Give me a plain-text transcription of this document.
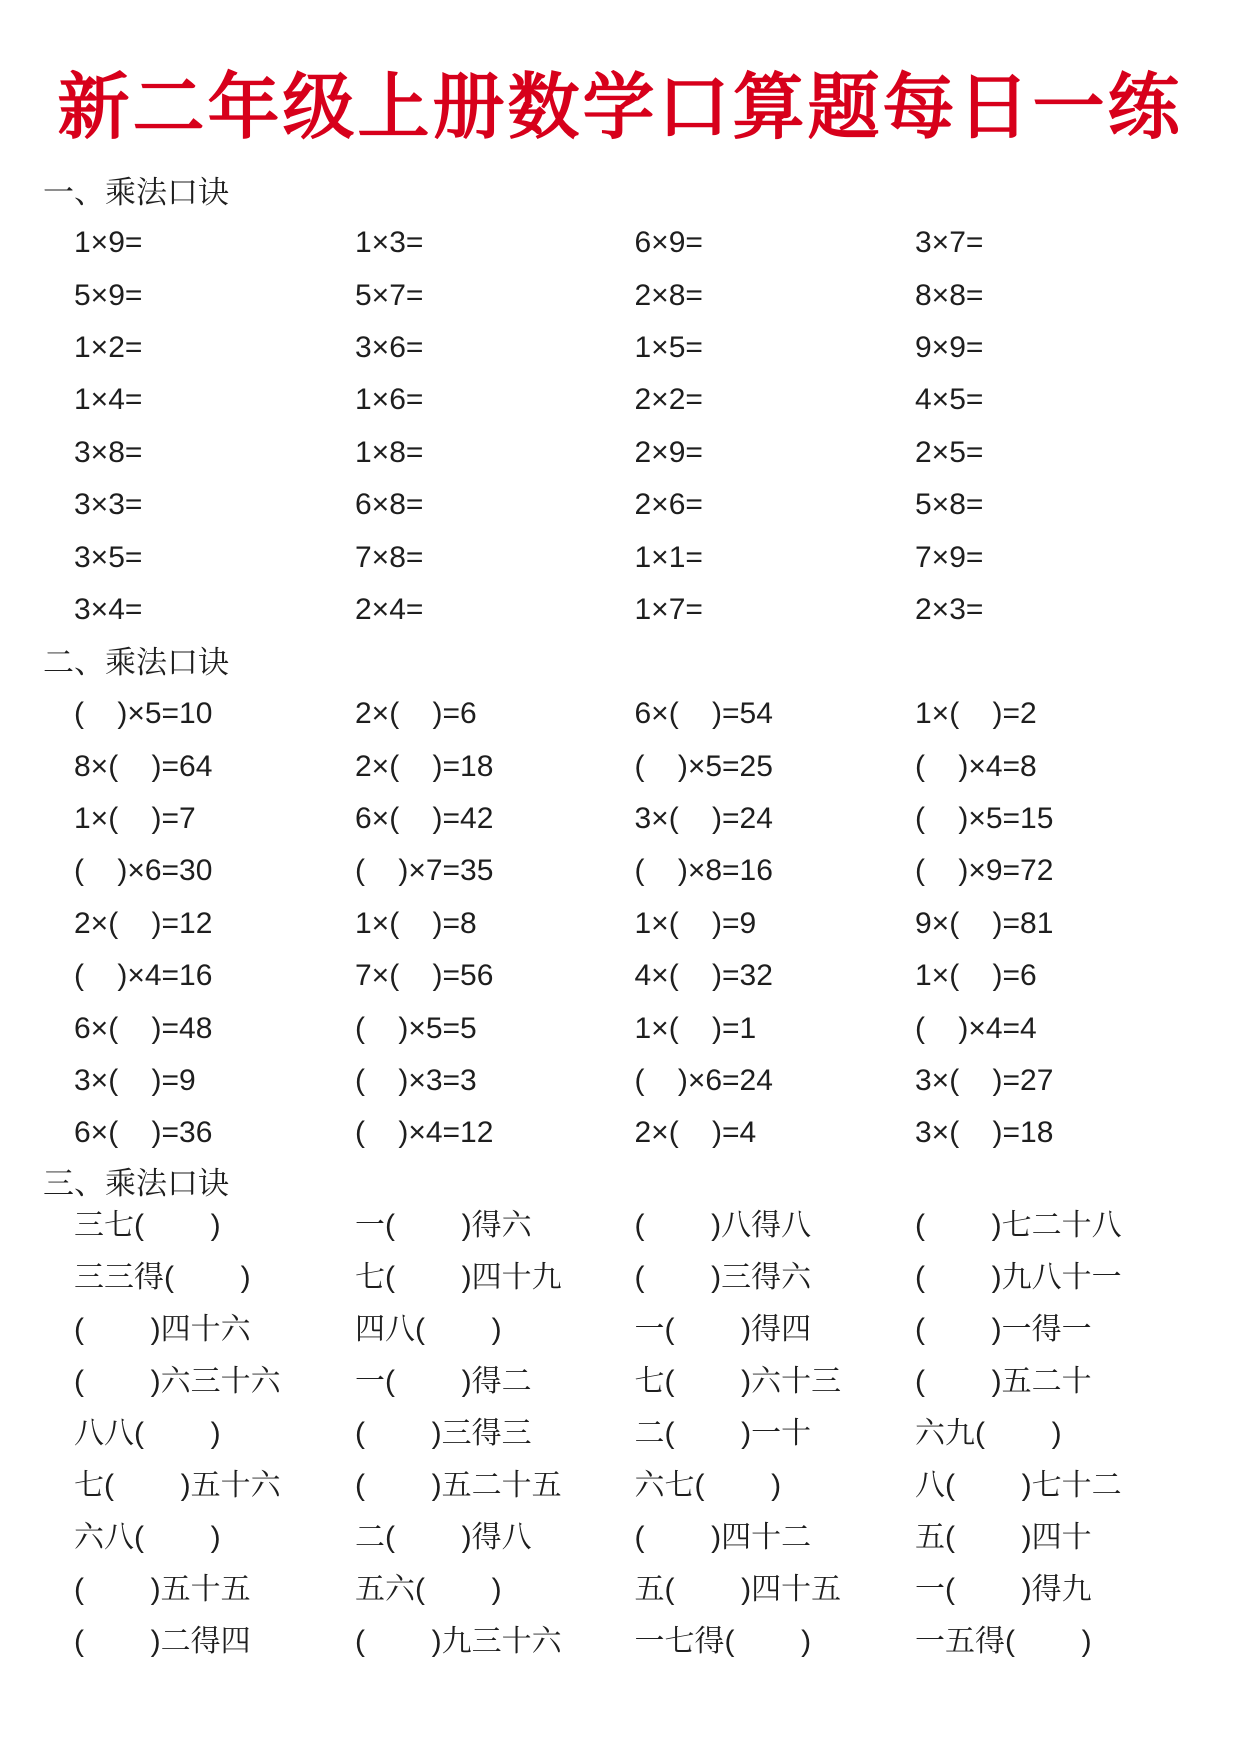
新二年级上册数学口算题每日一练
一、乘法口诀
1×9=	1×3=	6×9=	3×7=
5×9=	5×7=	2×8=	8×8=
1×2=	3×6=	1×5=	9×9=
1×4=	1×6=	2×2=	4×5=
3×8=	1×8=	2×9=	2×5=
3×3=	6×8=	2×6=	5×8=
3×5=	7×8=	1×1=	7×9=
3×4=	2×4=	1×7=	2×3=
二、乘法口诀
(    )×5=10	2×(    )=6	6×(    )=54	1×(    )=2
8×(    )=64	2×(    )=18	(    )×5=25	(    )×4=8
1×(    )=7	6×(    )=42	3×(    )=24	(    )×5=15
(    )×6=30	(    )×7=35	(    )×8=16	(    )×9=72
2×(    )=12	1×(    )=8	1×(    )=9	9×(    )=81
(    )×4=16	7×(    )=56	4×(    )=32	1×(    )=6
6×(    )=48	(    )×5=5	1×(    )=1	(    )×4=4
3×(    )=9	(    )×3=3	(    )×6=24	3×(    )=27
6×(    )=36	(    )×4=12	2×(    )=4	3×(    )=18
三、乘法口诀
三七(        )	一(        )得六	(        )八得八	(        )七二十八
三三得(        )	七(        )四十九	(        )三得六	(        )九八十一
(        )四十六	四八(        )	一(        )得四	(        )一得一
(        )六三十六	一(        )得二	七(        )六十三	(        )五二十
八八(        )	(        )三得三	二(        )一十	六九(        )
七(        )五十六	(        )五二十五	六七(        )	八(        )七十二
六八(        )	二(        )得八	(        )四十二	五(        )四十
(        )五十五	五六(        )	五(        )四十五	一(        )得九
(        )二得四	(        )九三十六	一七得(        )	一五得(        )
